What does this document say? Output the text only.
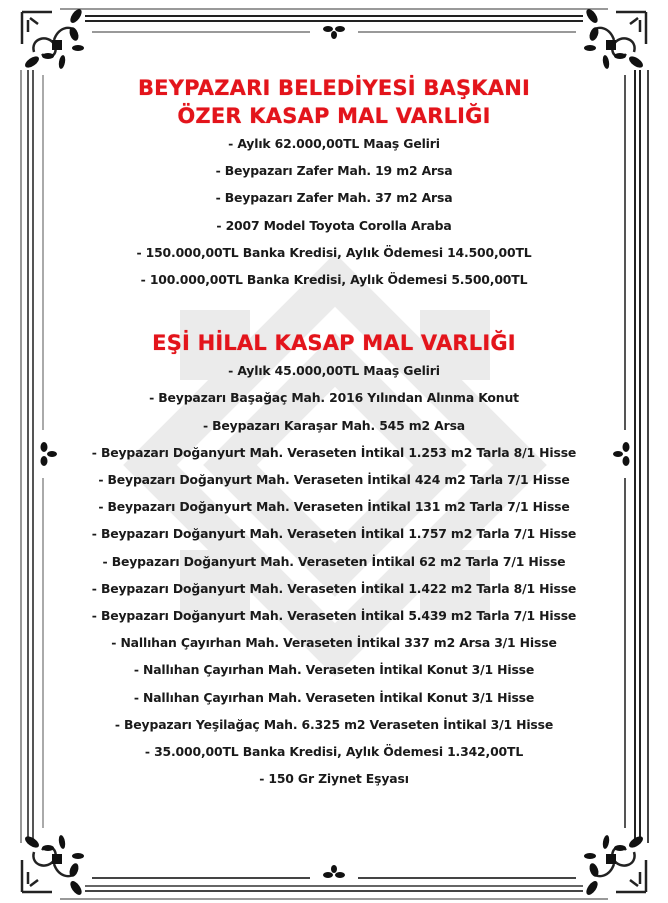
BEYPAZARI BELEDİYESİ BAŞKANI
ÖZER KASAP MAL VARLIĞI
- Aylık 62.000,00TL Maaş Geliri
- Beypazarı Zafer Mah. 19 m2 Arsa
- Beypazarı Zafer Mah. 37 m2 Arsa
- 2007 Model Toyota Corolla Araba
- 150.000,00TL Banka Kredisi, Aylık Ödemesi 14.500,00TL
- 100.000,00TL Banka Kredisi, Aylık Ödemesi 5.500,00TL
EŞİ HİLAL KASAP MAL VARLIĞI
- Aylık 45.000,00TL Maaş Geliri
- Beypazarı Başağaç Mah. 2016 Yılından Alınma Konut
- Beypazarı Karaşar Mah. 545 m2 Arsa
- Beypazarı Doğanyurt Mah. Veraseten İntikal 1.253 m2 Tarla 8/1 Hisse
- Beypazarı Doğanyurt Mah. Veraseten İntikal 424 m2 Tarla 7/1 Hisse
- Beypazarı Doğanyurt Mah. Veraseten İntikal 131 m2 Tarla 7/1 Hisse
- Beypazarı Doğanyurt Mah. Veraseten İntikal 1.757 m2 Tarla 7/1 Hisse
- Beypazarı Doğanyurt Mah. Veraseten İntikal 62 m2 Tarla 7/1 Hisse
- Beypazarı Doğanyurt Mah. Veraseten İntikal 1.422 m2 Tarla 8/1 Hisse
- Beypazarı Doğanyurt Mah. Veraseten İntikal 5.439 m2 Tarla 7/1 Hisse
- Nallıhan Çayırhan Mah. Veraseten İntikal 337 m2 Arsa 3/1 Hisse
- Nallıhan Çayırhan Mah. Veraseten İntikal Konut 3/1 Hisse
- Nallıhan Çayırhan Mah. Veraseten İntikal Konut 3/1 Hisse
- Beypazarı Yeşilağaç Mah. 6.325 m2 Veraseten İntikal 3/1 Hisse
- 35.000,00TL Banka Kredisi, Aylık Ödemesi 1.342,00TL
- 150 Gr Ziynet Eşyası
